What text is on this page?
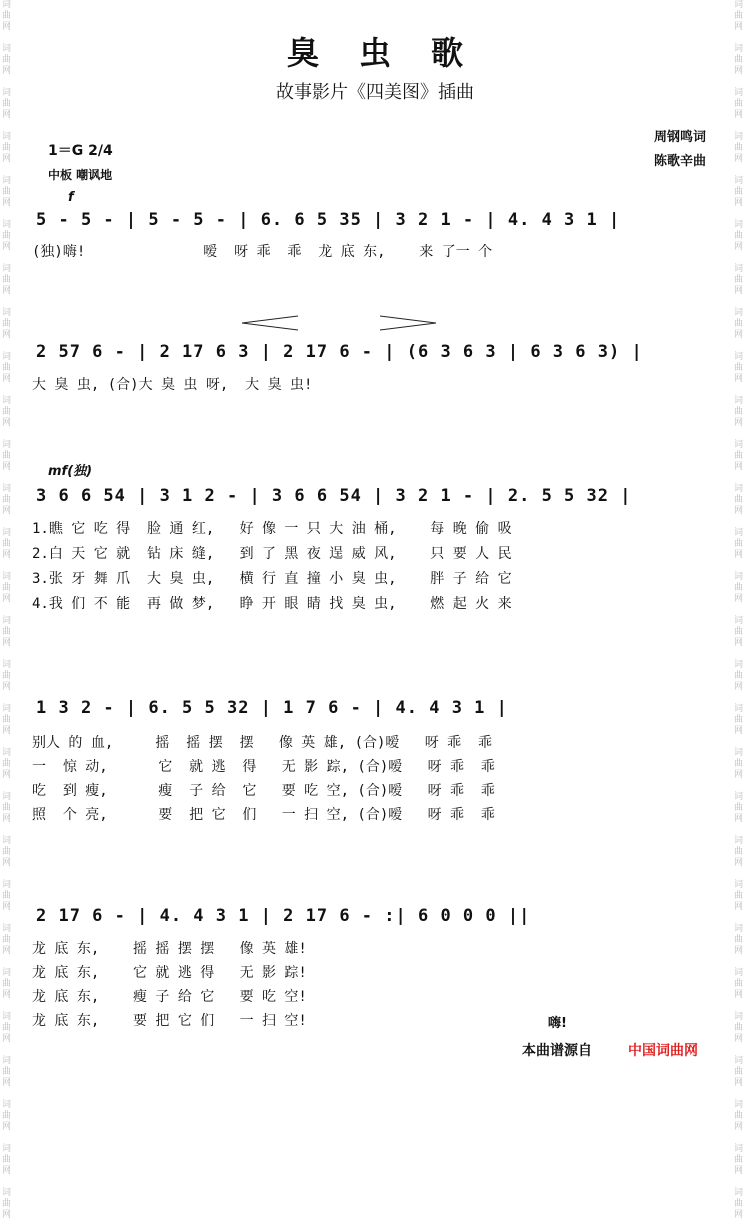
词
曲
网

词
曲
网

词
曲
网

词
曲
网

词
曲
网

词
曲
网

词
曲
网

词
曲
网

词
曲
网

词
曲
网

词
曲
网

词
曲
网

词
曲
网

词
曲
网

词
曲
网

词
曲
网

词
曲
网

词
曲
网

词
曲
网

词
曲
网

词
曲
网

词
曲
网

词
曲
网

词
曲
网

词
曲
网

词
曲
网

词
曲
网

词
曲
网

词
曲
网

词
曲
网

词
曲
网

词
曲
网

词
曲
网

词
曲
网

词
曲
网

词
曲
网

词
曲
网

词
曲
网

词
曲
网

词
曲
网

词
曲
网

词
曲
网

词
曲
网

词
曲
网

词
曲
网

词
曲
网

词
曲
网

词
曲
网

词
曲
网

词
曲
网

词
曲
网

词
曲
网

词
曲
网

词
曲
网

词
曲
网

词
曲
网

臭虫歌
故事影片《四美图》插曲
周钢鸣词
陈歌辛曲
1＝G 2/4
中板 嘲讽地
f
mf(独)
5 - 5 - | 5 - 5 - | 6. 6 5 35 | 3 2 1 - | 4. 4 3 1 |
(独)嗨!              嗳  呀 乖  乖  龙 底 东,    来 了一 个
2 57 6 - | 2 17 6 3 | 2 17 6 - | (6 3 6 3 | 6 3 6 3) |
大 臭 虫, (合)大 臭 虫 呀,  大 臭 虫!
3 6 6 54 | 3 1 2 - | 3 6 6 54 | 3 2 1 - | 2. 5 5 32 |
1.瞧 它 吃 得  脸 通 红,   好 像 一 只 大 油 桶,    每 晚 偷 吸
2.白 天 它 就  钻 床 缝,   到 了 黑 夜 逞 威 风,    只 要 人 民
3.张 牙 舞 爪  大 臭 虫,   横 行 直 撞 小 臭 虫,    胖 子 给 它
4.我 们 不 能  再 做 梦,   睁 开 眼 睛 找 臭 虫,    燃 起 火 来
1 3 2 - | 6. 5 5 32 | 1 7 6 - | 4. 4 3 1 |
别人 的 血,     摇  摇 摆  摆   像 英 雄, (合)嗳   呀 乖  乖
一  惊 动,      它  就 逃  得   无 影 踪, (合)嗳   呀 乖  乖
吃  到 瘦,      瘦  子 给  它   要 吃 空, (合)嗳   呀 乖  乖
照  个 亮,      要  把 它  们   一 扫 空, (合)嗳   呀 乖  乖
2 17 6 - | 4. 4 3 1 | 2 17 6 - :| 6 0 0 0 ||
龙 底 东,    摇 摇 摆 摆   像 英 雄!
龙 底 东,    它 就 逃 得   无 影 踪!
龙 底 东,    瘦 子 给 它   要 吃 空!
龙 底 东,    要 把 它 们   一 扫 空!	嗨!
本曲谱源自	中国词曲网
